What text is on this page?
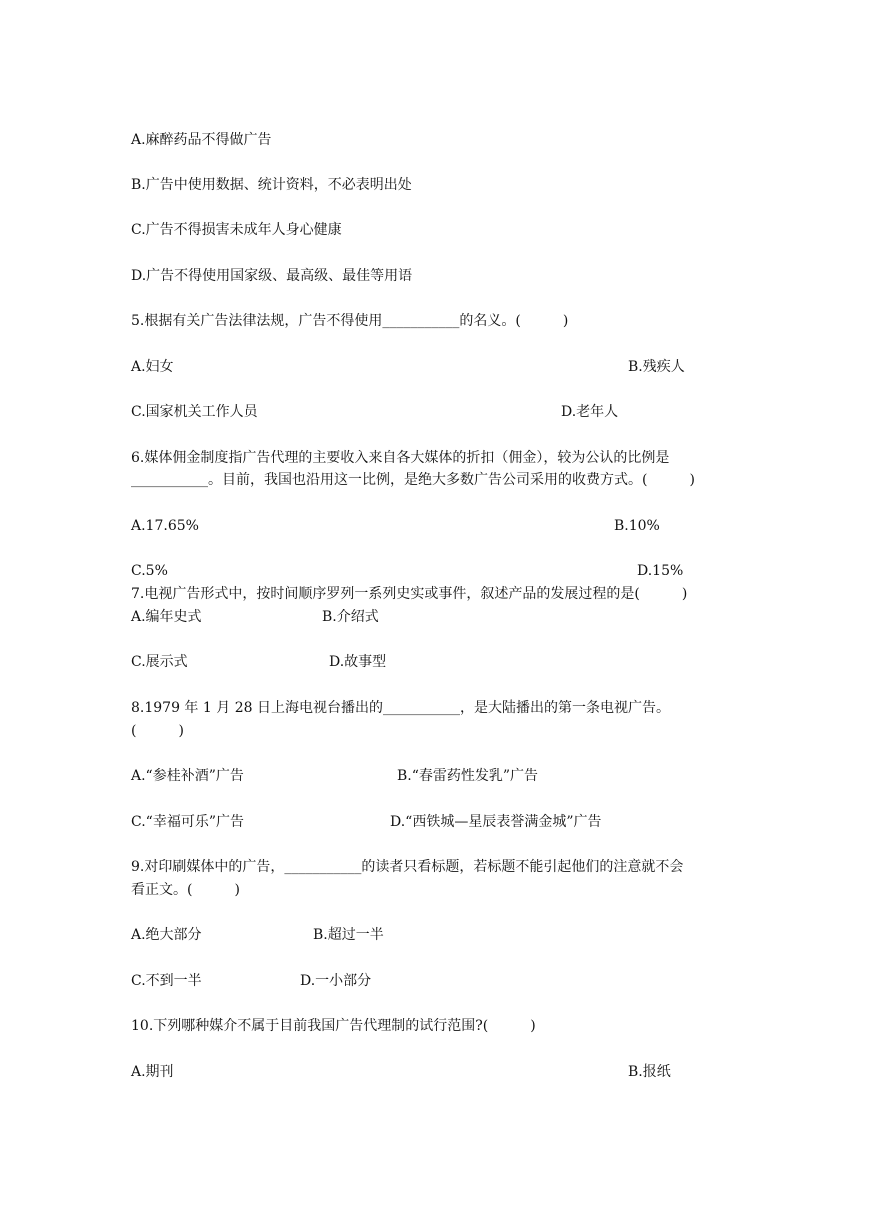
A.麻醉药品不得做广告

B.广告中使用数据、统计资料，不必表明出处

C.广告不得损害未成年人身心健康

D.广告不得使用国家级、最高级、最佳等用语

5.根据有关广告法律法规，广告不得使用___________的名义。(　　　)

A.妇女	B.残疾人

C.国家机关工作人员	D.老年人

6.媒体佣金制度指广告代理的主要收入来自各大媒体的折扣（佣金），较为公认的比例是

___________。目前，我国也沿用这一比例，是绝大多数广告公司采用的收费方式。(　　　)

A.17.65%	B.10%

C.5%	D.15%

7.电视广告形式中，按时间顺序罗列一系列史实或事件，叙述产品的发展过程的是(　　　)

A.编年史式	B.介绍式

C.展示式	D.故事型

8.1979 年 1 月 28 日上海电视台播出的___________，是大陆播出的第一条电视广告。

(　　　)

A.“参桂补酒”广告	B.“春雷药性发乳”广告

C.“幸福可乐”广告	D.“西铁城—星辰表誉满金城”广告

9.对印刷媒体中的广告，___________的读者只看标题，若标题不能引起他们的注意就不会

看正文。(　　　)

A.绝大部分	B.超过一半

C.不到一半	D.一小部分

10.下列哪种媒介不属于目前我国广告代理制的试行范围?(　　　)

A.期刊	B.报纸
